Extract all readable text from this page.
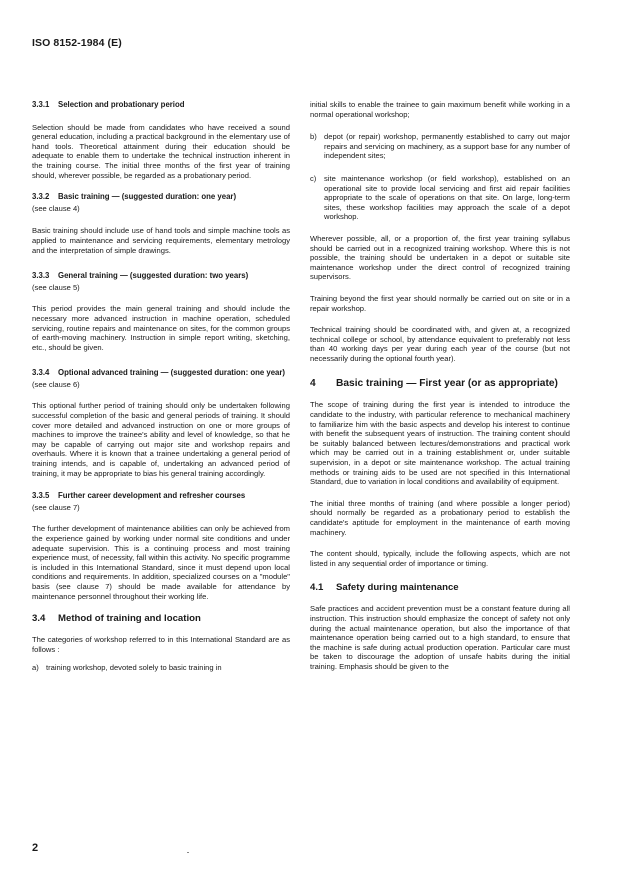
ISO 8152-1984 (E)
3.3.1 Selection and probationary period

Selection should be made from candidates who have received a sound general education, including a practical background in the elementary use of hand tools. Theoretical attainment during their education should be adequate to enable them to undertake the technical instruction inherent in the training course. The initial three months of the first year of training should, wherever possible, be regarded as a probationary period.

3.3.2 Basic training — (suggested duration: one year)
(see clause 4)

Basic training should include use of hand tools and simple machine tools as applied to maintenance and servicing requirements, elementary metrology and the interpretation of simple drawings.

3.3.3 General training — (suggested duration: two years)
(see clause 5)

This period provides the main general training and should include the necessary more advanced instruction in machine operation, scheduled servicing, routine repairs and maintenance on sites, for the common groups of earth-moving machinery. Instruction in simple report writing, sketching, etc., should be given.

3.3.4 Optional advanced training — (suggested duration: one year)
(see clause 6)

This optional further period of training should only be undertaken following successful completion of the basic and general periods of training. It should cover more detailed and advanced instruction on one or more groups of machines to improve the trainee's ability and level of knowledge, so that he may be capable of carrying out major site and workshop repairs and overhauls. Where it is known that a trainee undertaking a general period of training intends, and is capable of, undertaking an advanced period of training, it may be appropriate to bias his general training accordingly.

3.3.5 Further career development and refresher courses
(see clause 7)

The further development of maintenance abilities can only be achieved from the experience gained by working under normal site conditions and under adequate supervision. This is a continuing process and most training experience must, of necessity, fall within this activity. No specific programme is included in this International Standard, since it must depend upon local conditions and requirements. In addition, specialized courses on a "module" basis (see clause 7) should be made available for attendance by maintenance personnel throughout their working life.

3.4 Method of training and location

The categories of workshop referred to in this International Standard are as follows :

a) training workshop, devoted solely to basic training in

initial skills to enable the trainee to gain maximum benefit while working in a normal operational workshop;

b) depot (or repair) workshop, permanently established to carry out major repairs and servicing on machinery, as a support base for any number of independent sites;
c)	site maintenance workshop (or field workshop), established on an operational site to provide local servicing and first aid repair facilities appropriate to the scale of operations on that site. On large, long-term sites, these workshop facilities may approach the scale of a depot workshop.

Wherever possible, all, or a proportion of, the first year training syllabus should be carried out in a recognized training workshop. Where this is not possible, the training should be undertaken in a depot or suitable site maintenance workshop under the direct control of recognized training supervisors.

Training beyond the first year should normally be carried out on site or in a repair workshop.

Technical training should be coordinated with, and given at, a recognized technical college or school, by attendance equivalent to preferably not less than 40 working days per year during each year of the course (but not necessarily during the optional fourth year).

4 Basic training — First year (or as appropriate)

The scope of training during the first year is intended to introduce the candidate to the industry, with particular reference to mechanical machinery to familiarize him with the basic aspects and develop his interest to continue with benefit the subsequent years of instruction. The training content should be suitably balanced between lectures/demonstrations and practical work which may be carried out in a training establishment or, under suitable supervision, in a depot or site maintenance workshop. The actual training methods or training aids to be used are not specified in this International Standard, due to variation in local conditions and availability of equipment.

The initial three months of training (and where possible a longer period) should normally be regarded as a probationary period to establish the candidate's aptitude for employment in the maintenance of earth moving machinery.

The content should, typically, include the following aspects, which are not listed in any sequential order of importance or timing.

4.1 Safety during maintenance

Safe practices and accident prevention must be a constant feature during all instruction. This instruction should emphasize the concept of safety not only during the actual maintenance operation, but also the importance of that maintenance operation being carried out to a high standard, to ensure that the machine is safe during actual production operation. Particular care must be taken to discourage the adoption of unsafe habits during the initial training. Emphasis should be given to the

2
